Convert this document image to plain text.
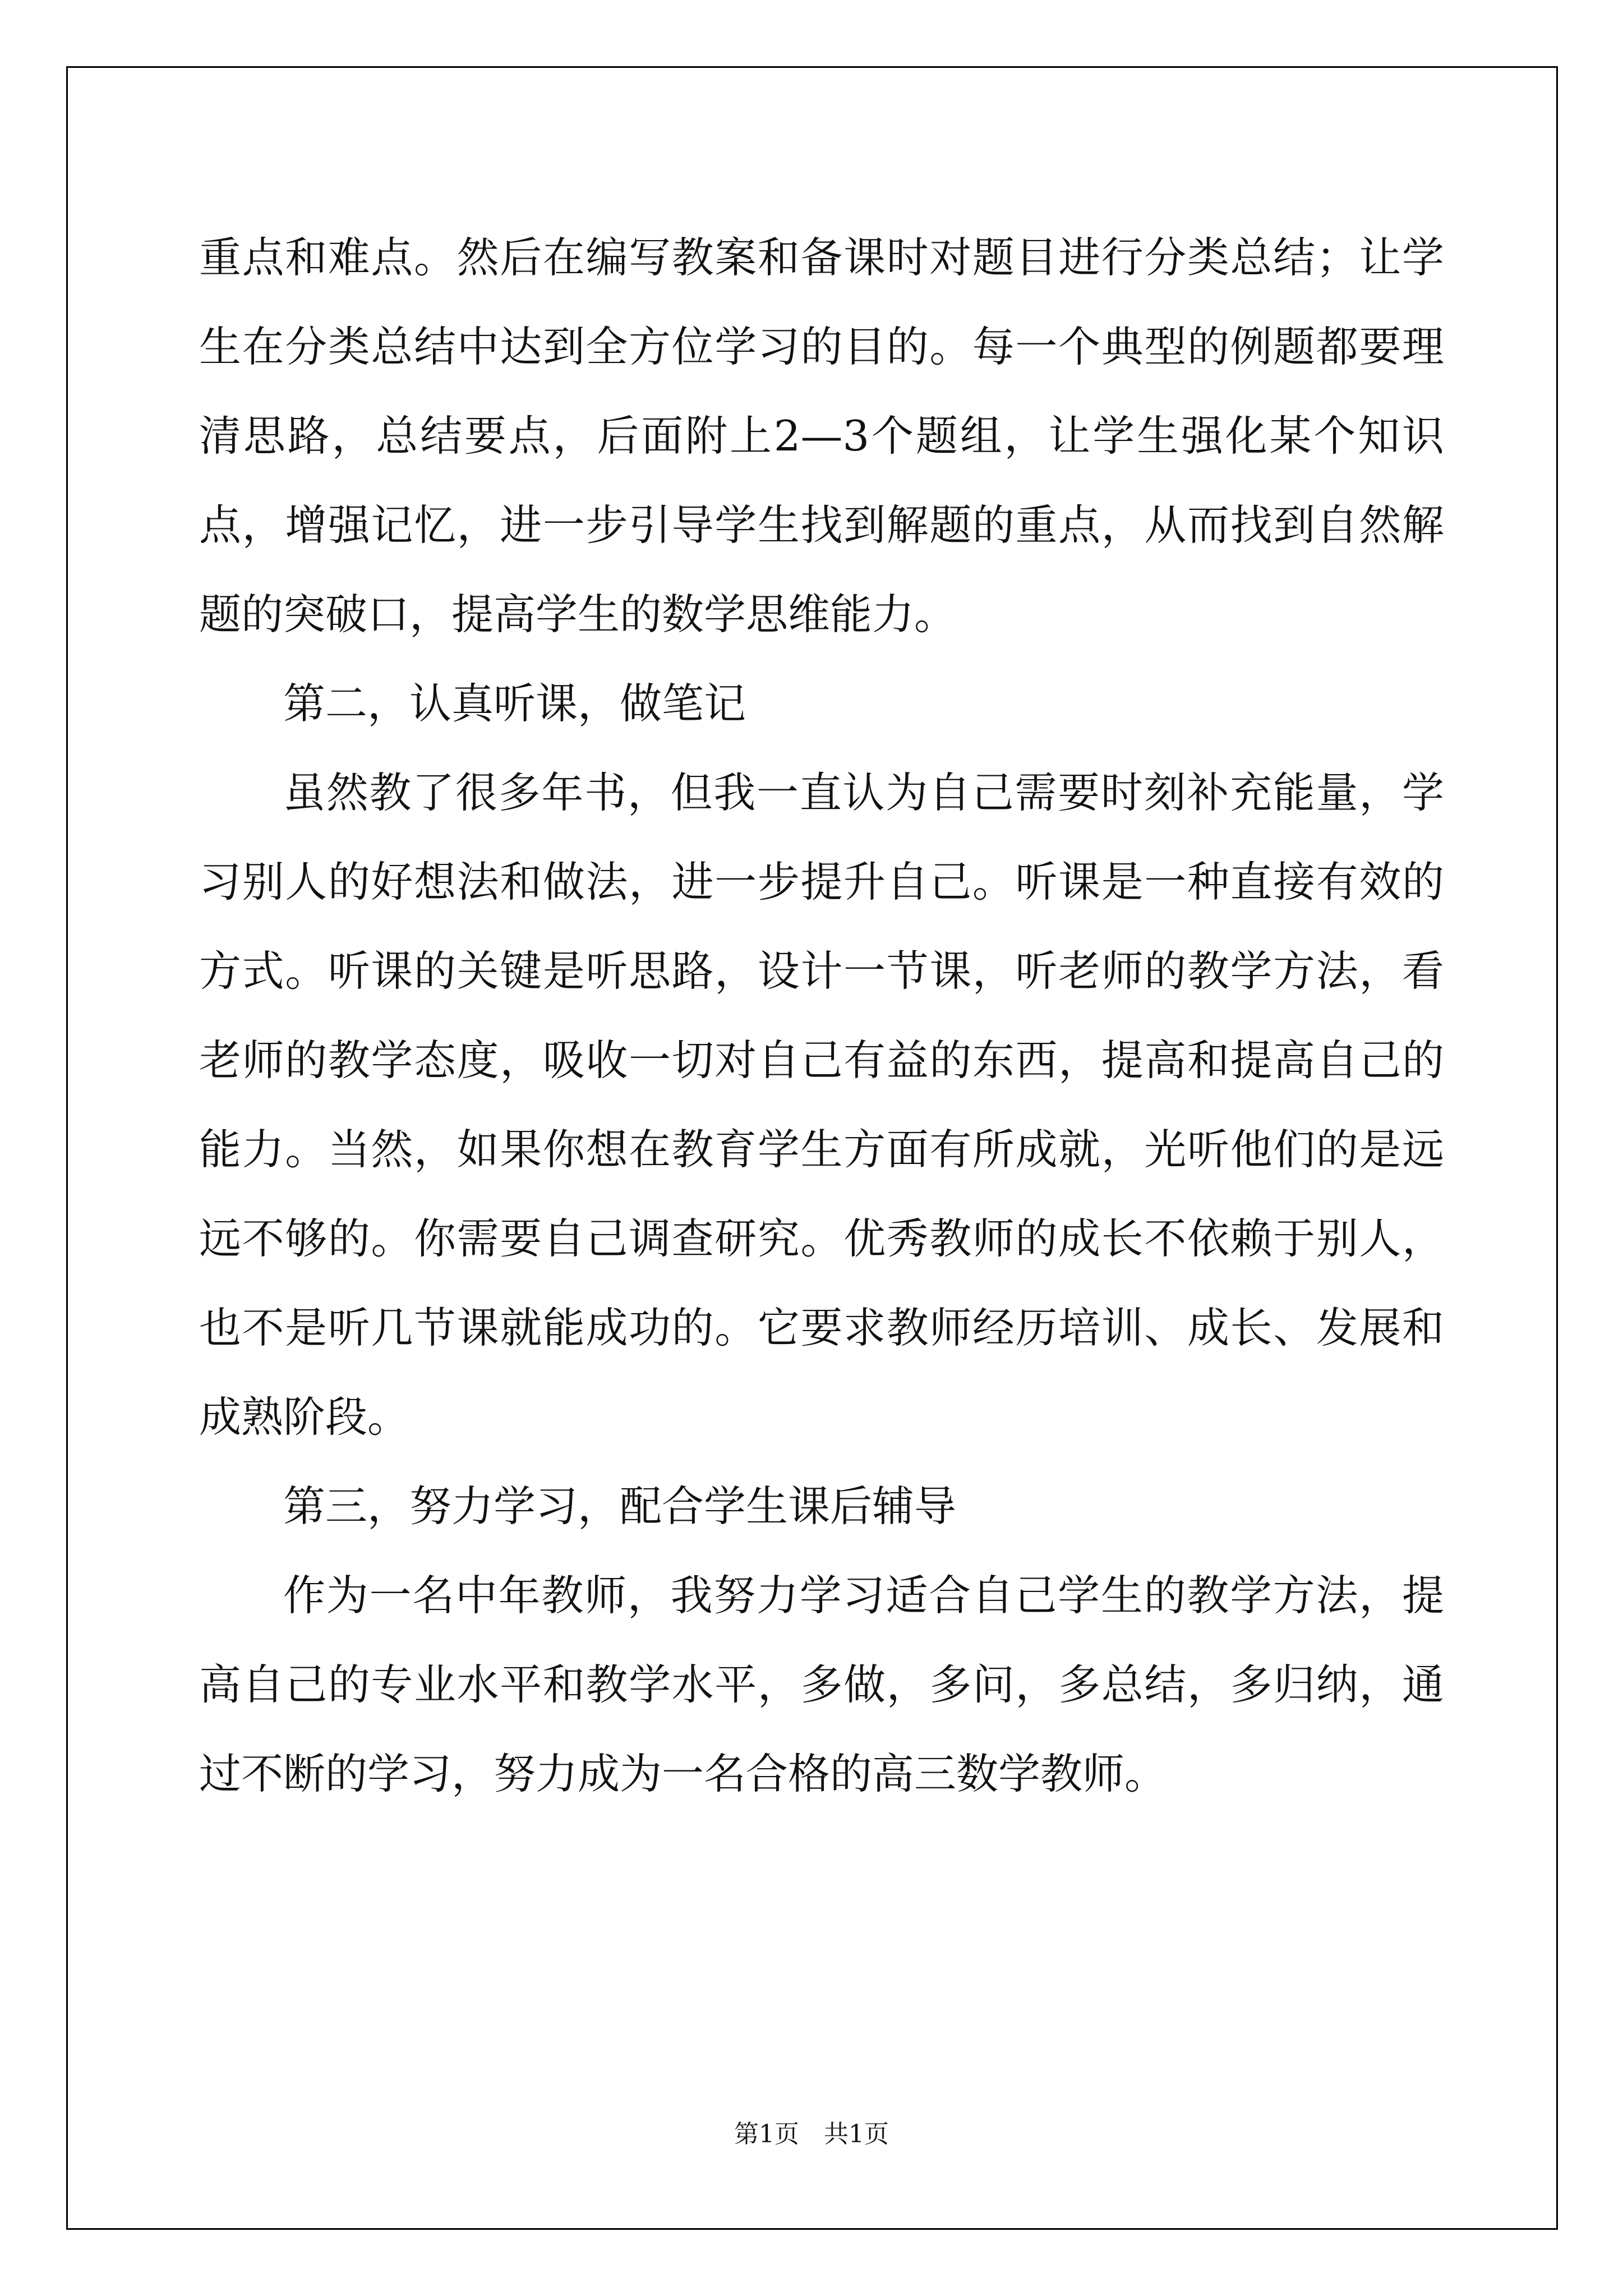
重点和难点。然后在编写教案和备课时对题目进行分类总结；让学生在分类总结中达到全方位学习的目的。每一个典型的例题都要理清思路，总结要点，后面附上2—3个题组，让学生强化某个知识点，增强记忆，进一步引导学生找到解题的重点，从而找到自然解题的突破口，提高学生的数学思维能力。

第二，认真听课，做笔记

虽然教了很多年书，但我一直认为自己需要时刻补充能量，学习别人的好想法和做法，进一步提升自己。听课是一种直接有效的方式。听课的关键是听思路，设计一节课，听老师的教学方法，看老师的教学态度，吸收一切对自己有益的东西，提高和提高自己的能力。当然，如果你想在教育学生方面有所成就，光听他们的是远远不够的。你需要自己调查研究。优秀教师的成长不依赖于别人，也不是听几节课就能成功的。它要求教师经历培训、成长、发展和成熟阶段。

第三，努力学习，配合学生课后辅导

作为一名中年教师，我努力学习适合自己学生的教学方法，提高自己的专业水平和教学水平，多做，多问，多总结，多归纳，通过不断的学习，努力成为一名合格的高三数学教师。

第1页 共1页
